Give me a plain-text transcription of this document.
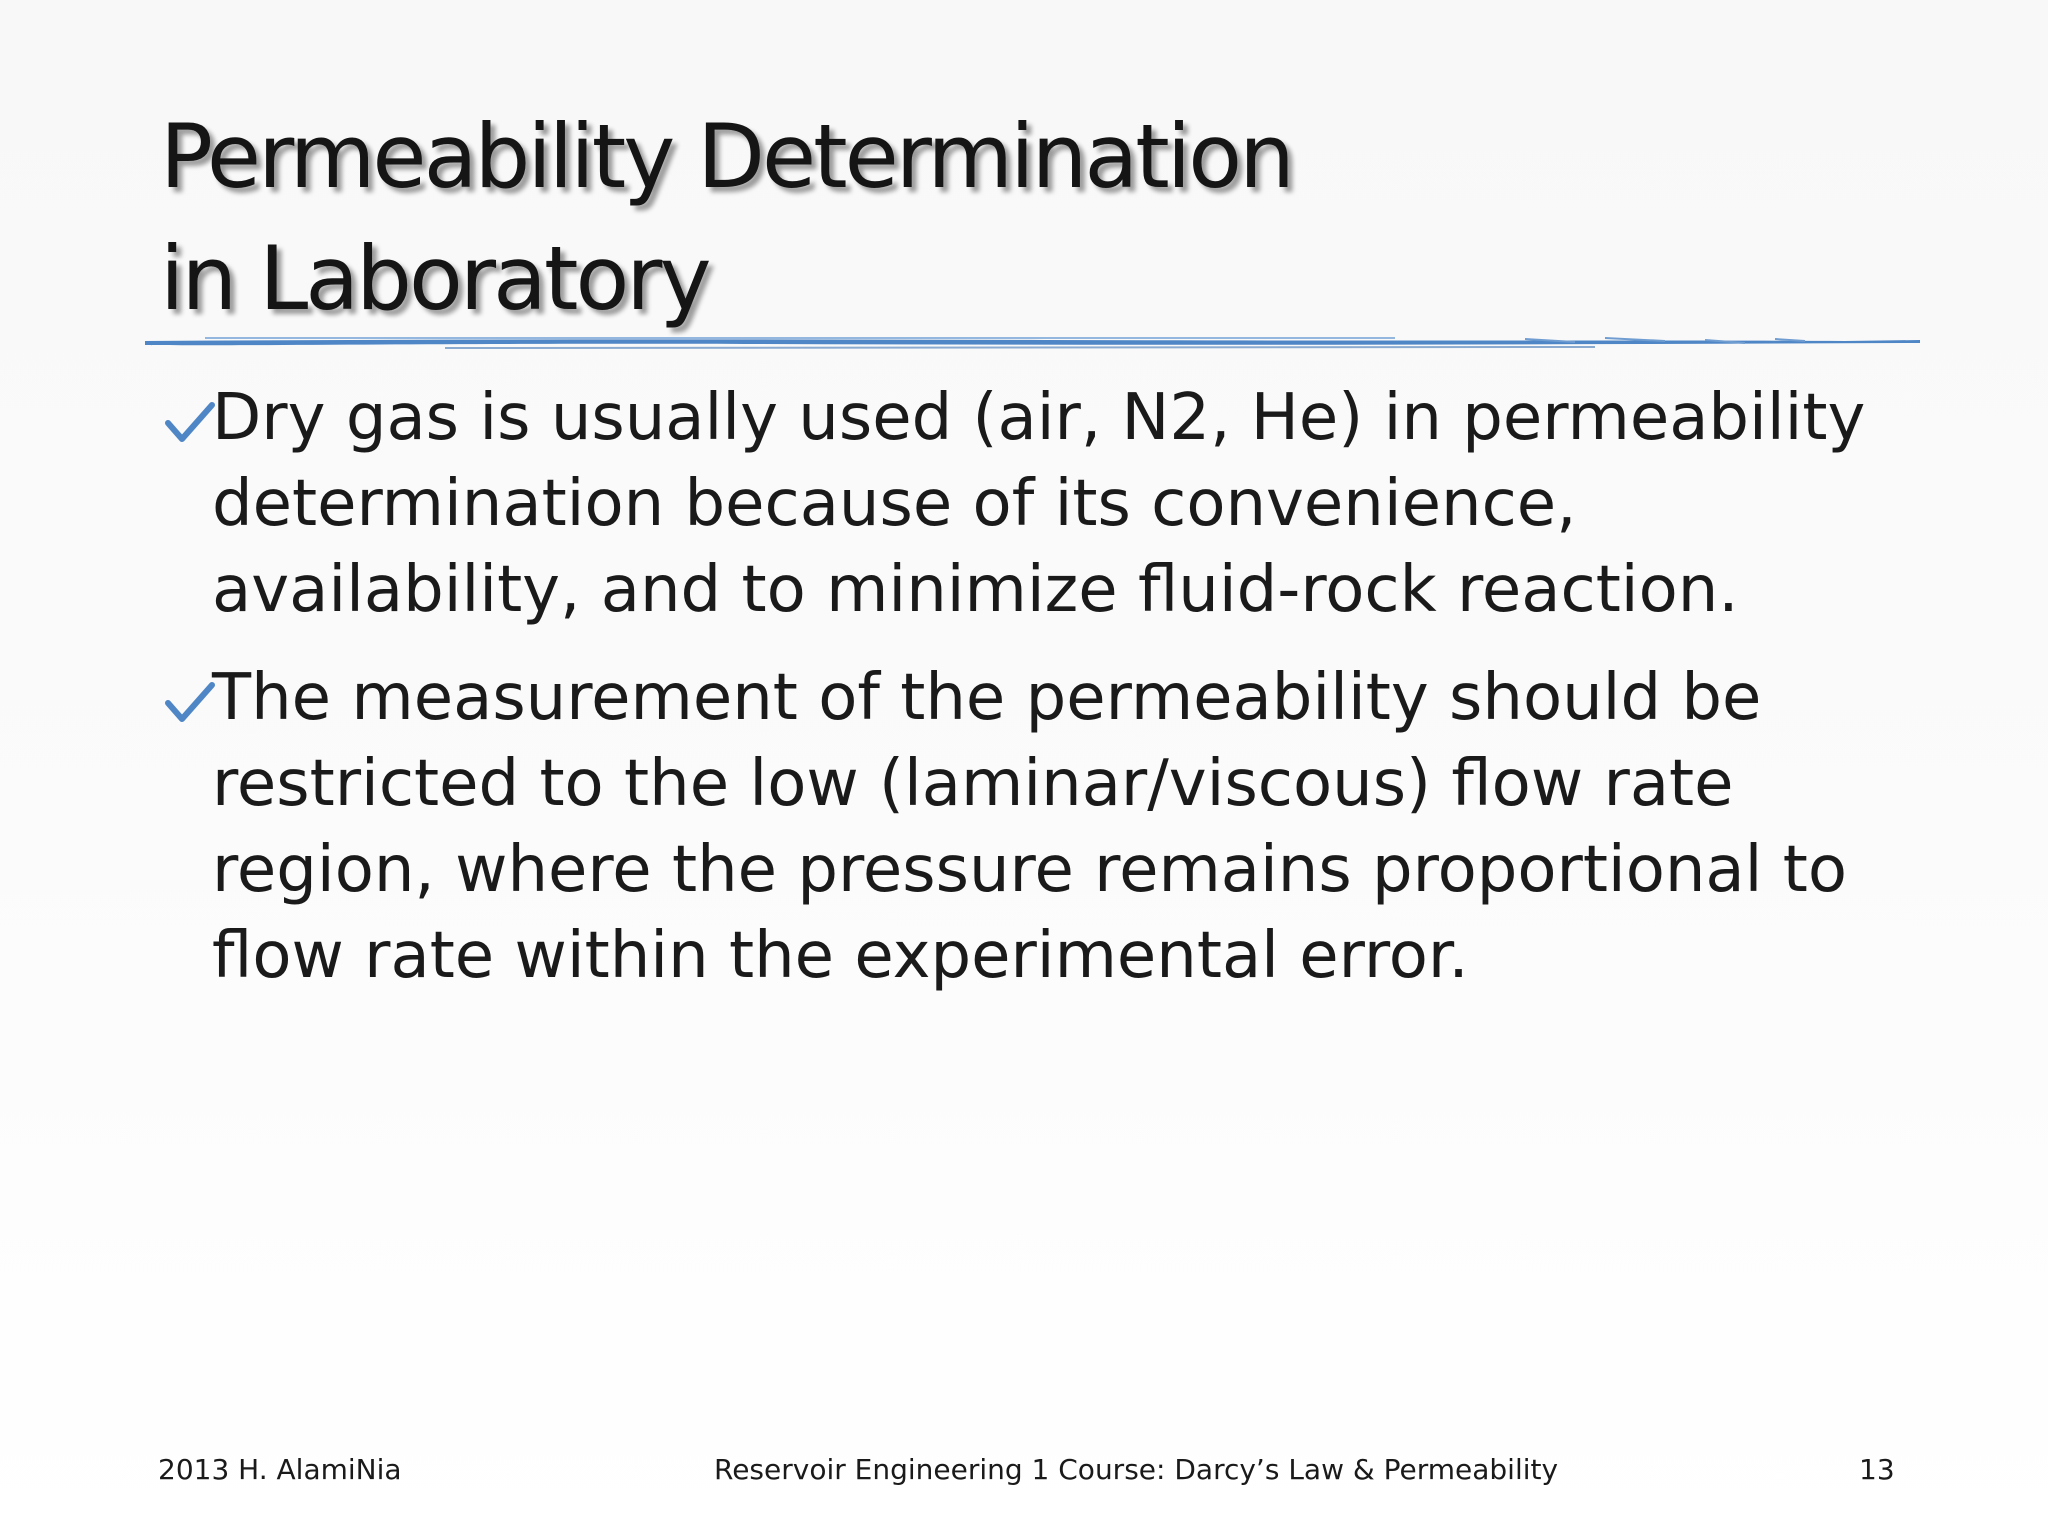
Permeability Determination
in Laboratory
Dry gas is usually used (air, N2, He) in permeability
determination because of its convenience,
availability, and to minimize fluid-rock reaction.
The measurement of the permeability should be
restricted to the low (laminar/viscous) flow rate
region, where the pressure remains proportional to
flow rate within the experimental error.
2013 H. AlamiNia	Reservoir Engineering 1 Course: Darcy’s Law & Permeability	13
